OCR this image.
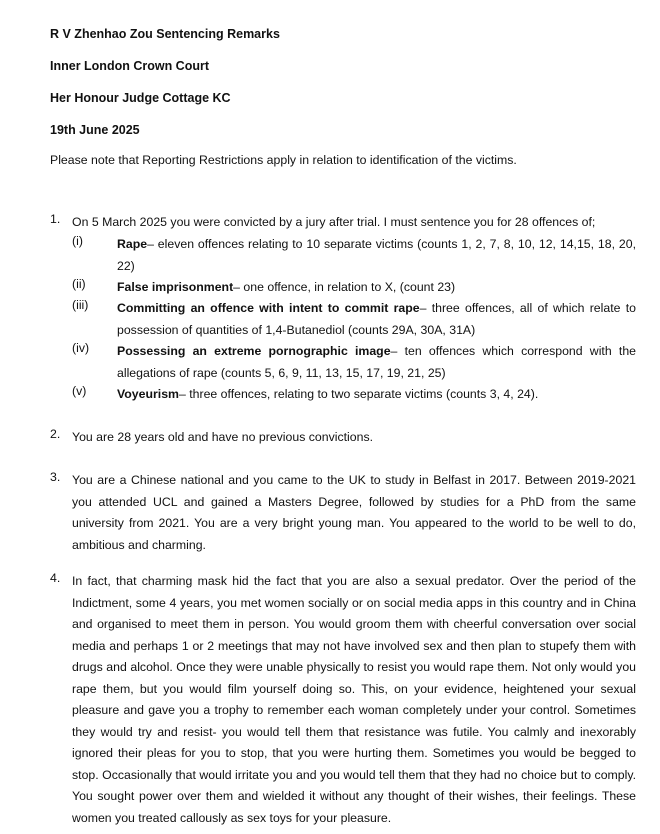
R V Zhenhao Zou Sentencing Remarks
Inner London Crown Court
Her Honour Judge Cottage KC
19th June 2025
Please note that Reporting Restrictions apply in relation to identification of the victims.
1. On 5 March 2025 you were convicted by a jury after trial. I must sentence you for 28 offences of;
(i)	Rape– eleven offences relating to 10 separate victims (counts 1, 2, 7, 8, 10, 12, 14,15, 18, 20, 22)
(ii)	False imprisonment– one offence, in relation to X, (count 23)
(iii)	Committing an offence with intent to commit rape– three offences, all of which relate to possession of quantities of 1,4-Butanediol (counts 29A, 30A, 31A)
(iv)	Possessing an extreme pornographic image– ten offences which correspond with the allegations of rape (counts 5, 6, 9, 11, 13, 15, 17, 19, 21, 25)
(v)	Voyeurism– three offences, relating to two separate victims (counts 3, 4, 24).
2. You are 28 years old and have no previous convictions.
3. You are a Chinese national and you came to the UK to study in Belfast in 2017. Between 2019-2021 you attended UCL and gained a Masters Degree, followed by studies for a PhD from the same university from 2021. You are a very bright young man. You appeared to the world to be well to do, ambitious and charming.
4. In fact, that charming mask hid the fact that you are also a sexual predator. Over the period of the Indictment, some 4 years, you met women socially or on social media apps in this country and in China and organised to meet them in person. You would groom them with cheerful conversation over social media and perhaps 1 or 2 meetings that may not have involved sex and then plan to stupefy them with drugs and alcohol. Once they were unable physically to resist you would rape them. Not only would you rape them, but you would film yourself doing so. This, on your evidence, heightened your sexual pleasure and gave you a trophy to remember each woman completely under your control. Sometimes they would try and resist- you would tell them that resistance was futile. You calmly and inexorably ignored their pleas for you to stop, that you were hurting them. Sometimes you would be begged to stop. Occasionally that would irritate you and you would tell them that they had no choice but to comply. You sought power over them and wielded it without any thought of their wishes, their feelings. These women you treated callously as sex toys for your pleasure.
